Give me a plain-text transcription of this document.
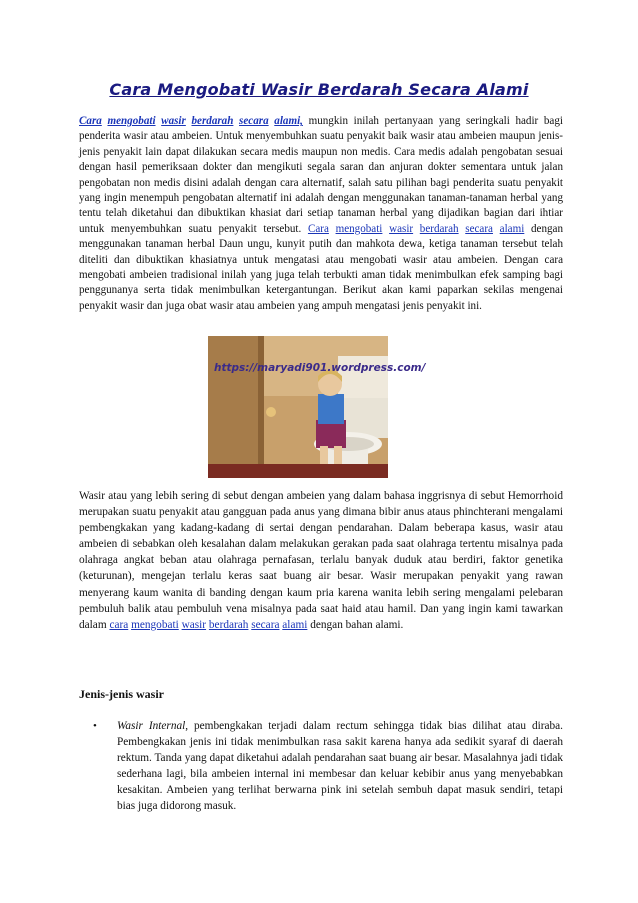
Cara Mengobati Wasir Berdarah Secara Alami

Cara mengobati wasir berdarah secara alami, mungkin inilah pertanyaan yang seringkali hadir bagi penderita wasir atau ambeien. Untuk menyembuhkan suatu penyakit baik wasir atau ambeien maupun jenis-jenis penyakit lain dapat dilakukan secara medis maupun non medis. Cara medis adalah pengobatan sesuai dengan hasil pemeriksaan dokter dan mengikuti segala saran dan anjuran dokter sementara untuk jalan pengobatan non medis disini adalah dengan cara alternatif, salah satu pilihan bagi penderita suatu penyakit yang ingin menempuh pengobatan alternatif ini adalah dengan menggunakan tanaman-tanaman herbal yang tentu telah diketahui dan dibuktikan khasiat dari setiap tanaman herbal yang dijadikan bagian dari ihtiar untuk menyembuhkan suatu penyakit tersebut. Cara mengobati wasir berdarah secara alami dengan menggunakan tanaman herbal Daun ungu, kunyit putih dan mahkota dewa, ketiga tanaman tersebut telah diteliti dan dibuktikan khasiatnya untuk mengatasi atau mengobati wasir atau ambeien. Dengan cara mengobati ambeien tradisional inilah yang juga telah terbukti aman tidak menimbulkan efek samping bagi penggunanya serta tidak menimbulkan ketergantungan. Berikut akan kami paparkan sekilas mengenai penyakit wasir dan juga obat wasir atau ambeien yang ampuh mengatasi jenis penyakit ini.

https://maryadi901.wordpress.com/

Wasir atau yang lebih sering di sebut dengan ambeien yang dalam bahasa inggrisnya di sebut Hemorrhoid merupakan suatu penyakit atau gangguan pada anus yang dimana bibir anus ataus phinchterani mengalami pembengkakan yang kadang-kadang di sertai dengan pendarahan. Dalam beberapa kasus, wasir atau ambeien di sebabkan oleh kesalahan dalam melakukan gerakan pada saat olahraga tertentu misalnya pada olahraga angkat beban atau olahraga pernafasan, terlalu banyak duduk atau berdiri, faktor genetika (keturunan), mengejan terlalu keras saat buang air besar. Wasir merupakan penyakit yang rawan menyerang kaum wanita di banding dengan kaum pria karena wanita lebih sering mengalami pelebaran pembuluh balik atau pembuluh vena misalnya pada saat haid atau hamil. Dan yang ingin kami tawarkan dalam cara mengobati wasir berdarah secara alami dengan bahan alami.

Jenis-jenis wasir

• Wasir Internal, pembengkakan terjadi dalam rectum sehingga tidak bias dilihat atau diraba. Pembengkakan jenis ini tidak menimbulkan rasa sakit karena hanya ada sedikit syaraf di daerah rektum. Tanda yang dapat diketahui adalah pendarahan saat buang air besar. Masalahnya jadi tidak sederhana lagi, bila ambeien internal ini membesar dan keluar kebibir anus yang menyebabkan kesakitan. Ambeien yang terlihat berwarna pink ini setelah sembuh dapat masuk sendiri, tetapi bias juga didorong masuk.
